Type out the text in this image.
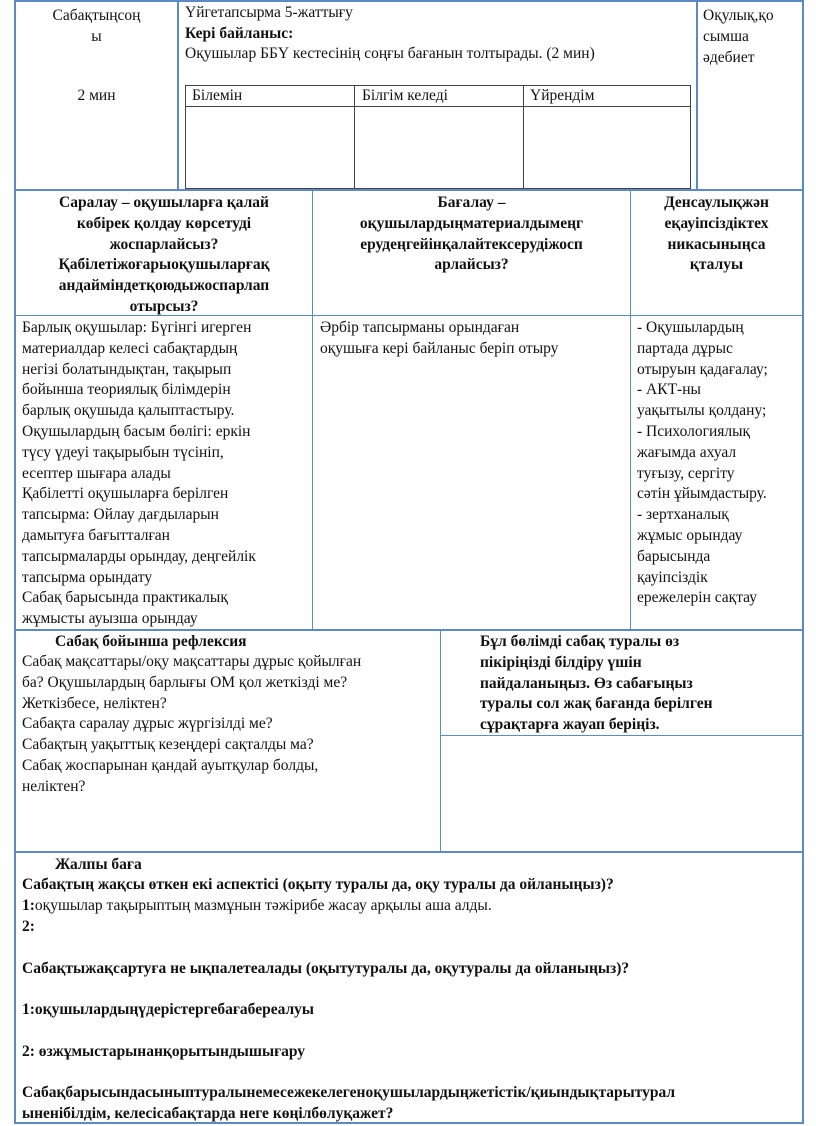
Сабақтыңсоң
ы
2 мин
Үйгетапсырма 5-жаттығу
Кері байланыс:
Оқушылар ББҮ кестесінің соңғы бағанын толтырады. (2 мин)
Білемін	Білгім келеді	Үйрендім
Оқулық,қо
сымша
әдебиет
Саралау – оқушыларға қалай
көбірек қолдау көрсетуді
жоспарлайсыз?
Қабілетіжоғарыоқушыларғақ
андайміндетқоюдыжоспарлап
отырсыз?
Бағалау –
оқушылардыңматериалдымеңг
ерудеңгейінқалайтексерудіжосп
арлайсыз?
Денсаулықжән
еқауіпсіздіктех
никасыныңса
қталуы
Барлық оқушылар: Бүгінгі игерген
материалдар келесі сабақтардың
негізі болатындықтан, тақырып
бойынша теориялық білімдерін
барлық оқушыда қалыптастыру.
Оқушылардың басым бөлігі: еркін
түсу үдеуі тақырыбын түсініп,
есептер шығара алады
Қабілетті оқушыларға берілген
тапсырма: Ойлау дағдыларын
дамытуға бағытталған
тапсырмаларды орындау, деңгейлік
тапсырма орындату
Сабақ барысында практикалық
жұмысты ауызша орындау
Әрбір тапсырманы орындаған
оқушыға кері байланыс беріп отыру
- Оқушылардың
партада дұрыс
отыруын қадағалау;
- АКТ-ны
уақытылы қолдану;
- Психологиялық
жағымда ахуал
туғызу, сергіту
сәтін ұйымдастыру.
- зертханалық
жұмыс орындау
барысында
қауіпсіздік
ережелерін сақтау
Сабақ бойынша рефлексия
Сабақ мақсаттары/оқу мақсаттары дұрыс қойылған
ба? Оқушылардың барлығы ОМ қол жеткізді ме?
Жеткізбесе, неліктен?
Сабақта саралау дұрыс жүргізілді ме?
Сабақтың уақыттық кезеңдері сақталды ма?
Сабақ жоспарынан қандай ауытқулар болды,
неліктен?
Бұл бөлімді сабақ туралы өз
пікіріңізді білдіру үшін
пайдаланыңыз. Өз сабағыңыз
туралы сол жақ бағанда берілген
сұрақтарға жауап беріңіз.
Жалпы баға
Сабақтың жақсы өткен екі аспектісі (оқыту туралы да, оқу туралы да ойланыңыз)?
1:оқушылар тақырыптың мазмұнын тәжірибе жасау арқылы аша алды.
2:
Сабақтыжақсартуға не ықпалетеалады (оқытутуралы да, оқутуралы да ойланыңыз)?
1:оқушылардыңүдерістергебағабереалуы
2: өзжұмыстарынанқорытындышығару
Сабақбарысындасыныптуралынемесежекелегеноқушылардыңжетістік/қиындықтарытурал
ыненібілдім, келесісабақтарда неге көңілбөлуқажет?
